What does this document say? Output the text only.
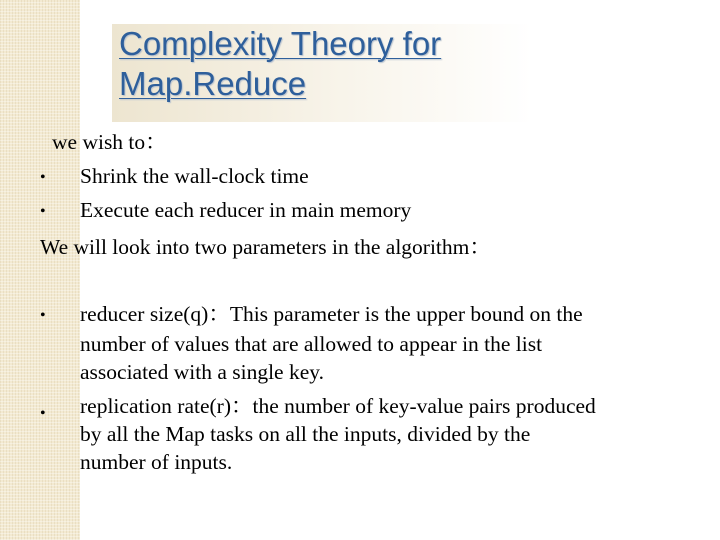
Complexity Theory for
Map.Reduce
we wish to：
• Shrink the wall-clock time
• Execute each reducer in main memory
We will look into two parameters in the algorithm：
• reducer size(q)：This parameter is the upper bound on the
number of values that are allowed to appear in the list
associated with a single key.
• replication rate(r)：the number of key-value pairs produced
by all the Map tasks on all the inputs, divided by the
number of inputs.
